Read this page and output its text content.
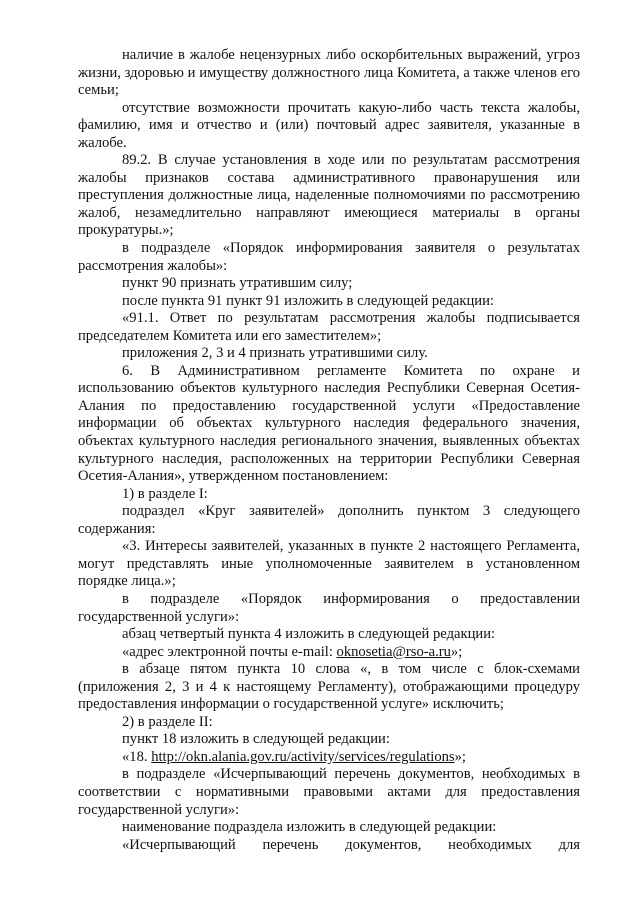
наличие в жалобе нецензурных либо оскорбительных выражений, угроз жизни, здоровью и имуществу должностного лица Комитета, а также членов его семьи;

отсутствие возможности прочитать какую-либо часть текста жалобы, фамилию, имя и отчество и (или) почтовый адрес заявителя, указанные в жалобе.

89.2. В случае установления в ходе или по результатам рассмотрения жалобы признаков состава административного правонарушения или преступления должностные лица, наделенные полномочиями по рассмотрению жалоб, незамедлительно направляют имеющиеся материалы в органы прокуратуры.»;

в подразделе «Порядок информирования заявителя о результатах рассмотрения жалобы»:

пункт 90 признать утратившим силу;

после пункта 91 пункт 91 изложить в следующей редакции:

«91.1. Ответ по результатам рассмотрения жалобы подписывается председателем Комитета или его заместителем»;

приложения 2, 3 и 4 признать утратившими силу.

6. В Административном регламенте Комитета по охране и использованию объектов культурного наследия Республики Северная Осетия-Алания по предоставлению государственной услуги «Предоставление информации об объектах культурного наследия федерального значения, объектах культурного наследия регионального значения, выявленных объектах культурного наследия, расположенных на территории Республики Северная Осетия-Алания», утвержденном постановлением:

1) в разделе I:

подраздел «Круг заявителей» дополнить пунктом 3 следующего содержания:

«3. Интересы заявителей, указанных в пункте 2 настоящего Регламента, могут представлять иные уполномоченные заявителем в установленном порядке лица.»;

в подразделе «Порядок информирования о предоставлении государственной услуги»:

абзац четвертый пункта 4 изложить в следующей редакции:

«адрес электронной почты e-mail: oknosetia@rso-a.ru»;

в абзаце пятом пункта 10 слова «, в том числе с блок-схемами (приложения 2, 3 и 4 к настоящему Регламенту), отображающими процедуру предоставления информации о государственной услуге» исключить;

2) в разделе II:

пункт 18 изложить в следующей редакции:

«18. http://okn.alania.gov.ru/activity/services/regulations»;

в подразделе «Исчерпывающий перечень документов, необходимых в соответствии с нормативными правовыми актами для предоставления государственной услуги»:

наименование подраздела изложить в следующей редакции:

«Исчерпывающий перечень документов, необходимых для
